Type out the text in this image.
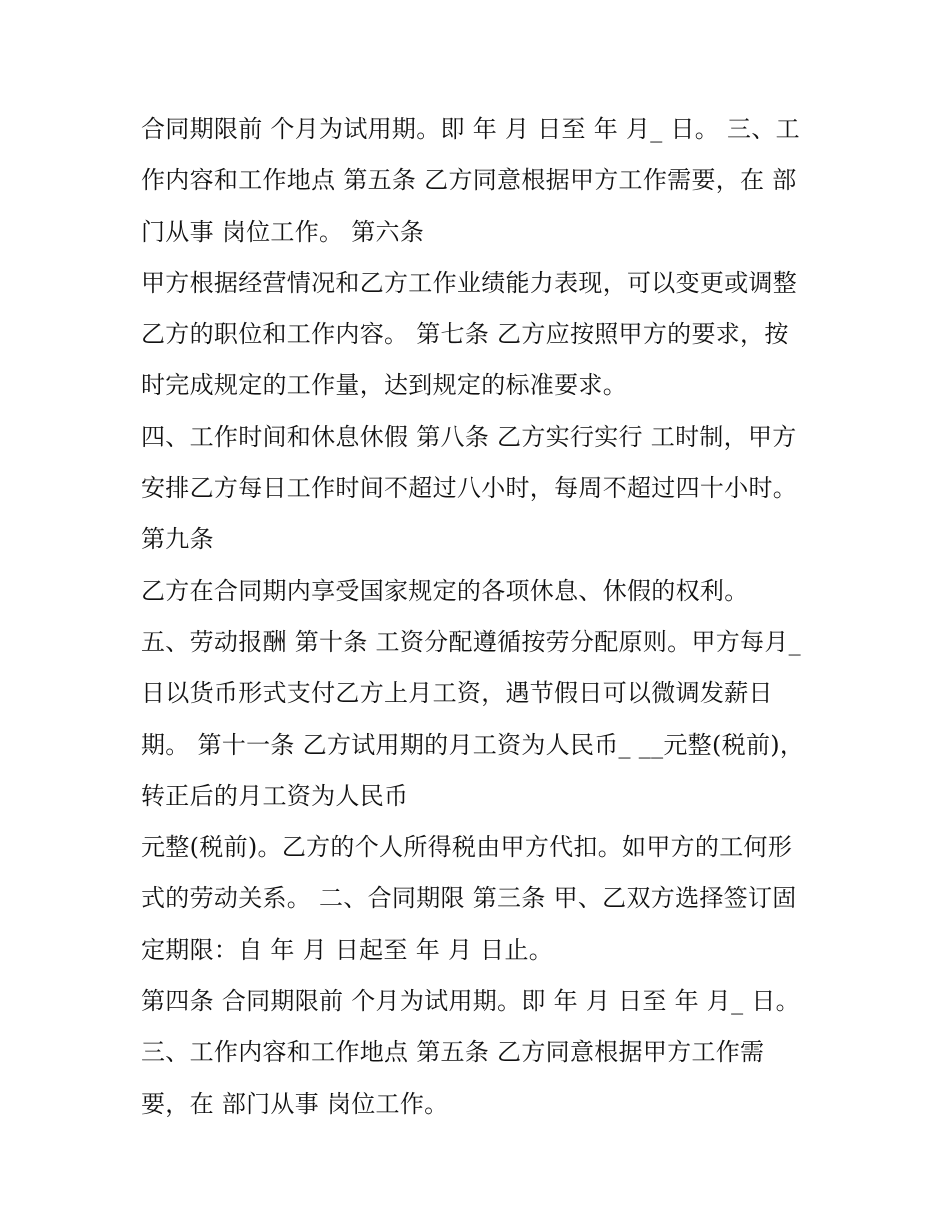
合同期限前 个月为试用期。即 年 月 日至 年 月_ 日。 三、工
作内容和工作地点 第五条 乙方同意根据甲方工作需要，在 部
门从事 岗位工作。 第六条
甲方根据经营情况和乙方工作业绩能力表现，可以变更或调整
乙方的职位和工作内容。 第七条 乙方应按照甲方的要求，按
时完成规定的工作量，达到规定的标准要求。
四、工作时间和休息休假 第八条 乙方实行实行 工时制，甲方
安排乙方每日工作时间不超过八小时，每周不超过四十小时。
第九条
乙方在合同期内享受国家规定的各项休息、休假的权利。
五、劳动报酬 第十条 工资分配遵循按劳分配原则。甲方每月_
日以货币形式支付乙方上月工资，遇节假日可以微调发薪日
期。 第十一条 乙方试用期的月工资为人民币_ __元整(税前)，
转正后的月工资为人民币
元整(税前)。乙方的个人所得税由甲方代扣。如甲方的工何形
式的劳动关系。 二、合同期限 第三条 甲、乙双方选择签订固
定期限：自 年 月 日起至 年 月 日止。
第四条 合同期限前 个月为试用期。即 年 月 日至 年 月_ 日。
三、工作内容和工作地点 第五条 乙方同意根据甲方工作需
要，在 部门从事 岗位工作。
